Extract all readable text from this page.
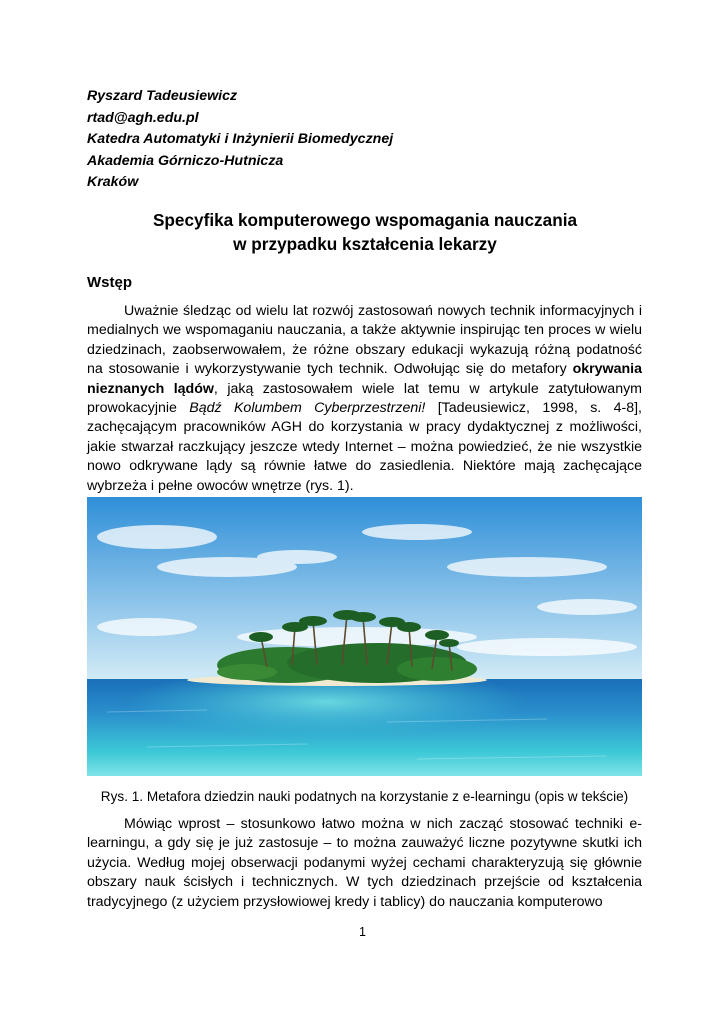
Ryszard Tadeusiewicz
rtad@agh.edu.pl
Katedra Automatyki i Inżynierii Biomedycznej
Akademia Górniczo-Hutnicza
Kraków
Specyfika komputerowego wspomagania nauczania
w przypadku kształcenia lekarzy
Wstęp
Uważnie śledząc od wielu lat rozwój zastosowań nowych technik informacyjnych i medialnych we wspomaganiu nauczania, a także aktywnie inspirując ten proces w wielu dziedzinach, zaobserwowałem, że różne obszary edukacji wykazują różną podatność na stosowanie i wykorzystywanie tych technik. Odwołując się do metafory okrywania nieznanych lądów, jaką zastosowałem wiele lat temu w artykule zatytułowanym prowokacyjnie Bądź Kolumbem Cyberprzestrzeni! [Tadeusiewicz, 1998, s. 4-8], zachęcającym pracowników AGH do korzystania w pracy dydaktycznej z możliwości, jakie stwarzał raczkujący jeszcze wtedy Internet – można powiedzieć, że nie wszystkie nowo odkrywane lądy są równie łatwe do zasiedlenia. Niektóre mają zachęcające wybrzeża i pełne owoców wnętrze (rys. 1).
Rys. 1. Metafora dziedzin nauki podatnych na korzystanie z e-learningu (opis w tekście)
Mówiąc wprost – stosunkowo łatwo można w nich zacząć stosować techniki e-learningu, a gdy się je już zastosuje – to można zauważyć liczne pozytywne skutki ich użycia. Według mojej obserwacji podanymi wyżej cechami charakteryzują się głównie obszary nauk ścisłych i technicznych. W tych dziedzinach przejście od kształcenia tradycyjnego (z użyciem przysłowiowej kredy i tablicy) do nauczania komputerowo
1
